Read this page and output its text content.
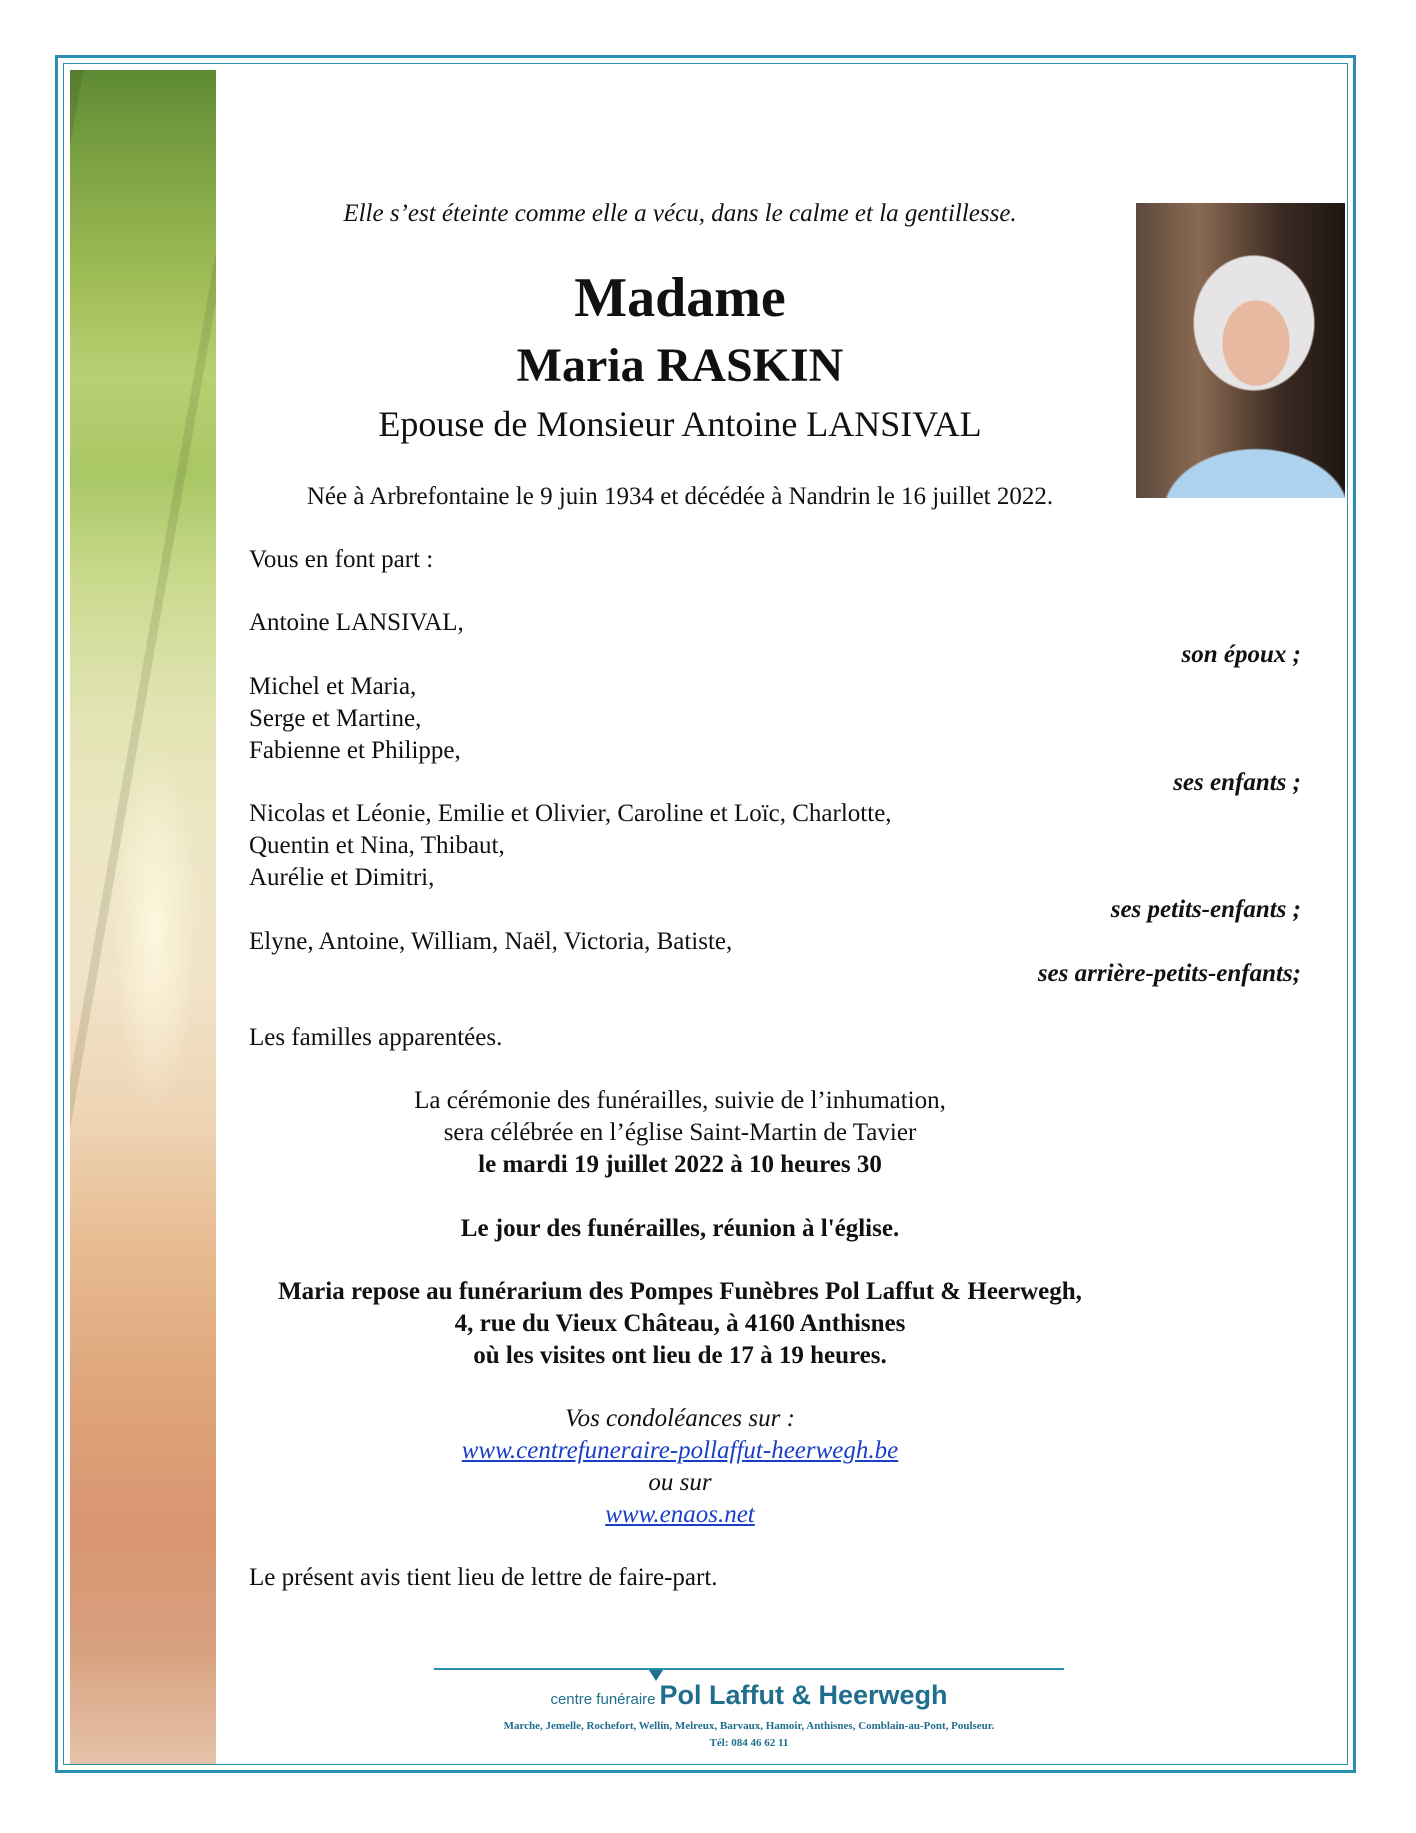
Elle s’est éteinte comme elle a vécu, dans le calme et la gentillesse.
Madame
Maria RASKIN
Epouse de Monsieur Antoine LANSIVAL
Née à Arbrefontaine le 9 juin 1934 et décédée à Nandrin le 16 juillet 2022.
Vous en font part :
Antoine LANSIVAL,
son époux ;
Michel et Maria,
Serge et Martine,
Fabienne et Philippe,
ses enfants ;
Nicolas et Léonie, Emilie et Olivier, Caroline et Loïc, Charlotte,
Quentin et Nina, Thibaut,
Aurélie et Dimitri,
ses petits-enfants ;
Elyne, Antoine, William, Naël, Victoria, Batiste,
ses arrière-petits-enfants;
Les familles apparentées.
La cérémonie des funérailles, suivie de l’inhumation,
sera célébrée en l’église Saint-Martin de Tavier
le mardi 19 juillet 2022 à 10 heures 30
Le jour des funérailles, réunion à l'église.
Maria repose au funérarium des Pompes Funèbres Pol Laffut & Heerwegh,
4, rue du Vieux Château, à 4160 Anthisnes
où les visites ont lieu de 17 à 19 heures.
Vos condoléances sur :
www.centrefuneraire-pollaffut-heerwegh.be
ou sur
www.enaos.net
Le présent avis tient lieu de lettre de faire-part.
centre funéraire Pol Laffut & Heerwegh
Marche, Jemelle, Rochefort, Wellin, Melreux, Barvaux, Hamoir, Anthisnes, Comblain-au-Pont, Poulseur.
Tél: 084 46 62 11
